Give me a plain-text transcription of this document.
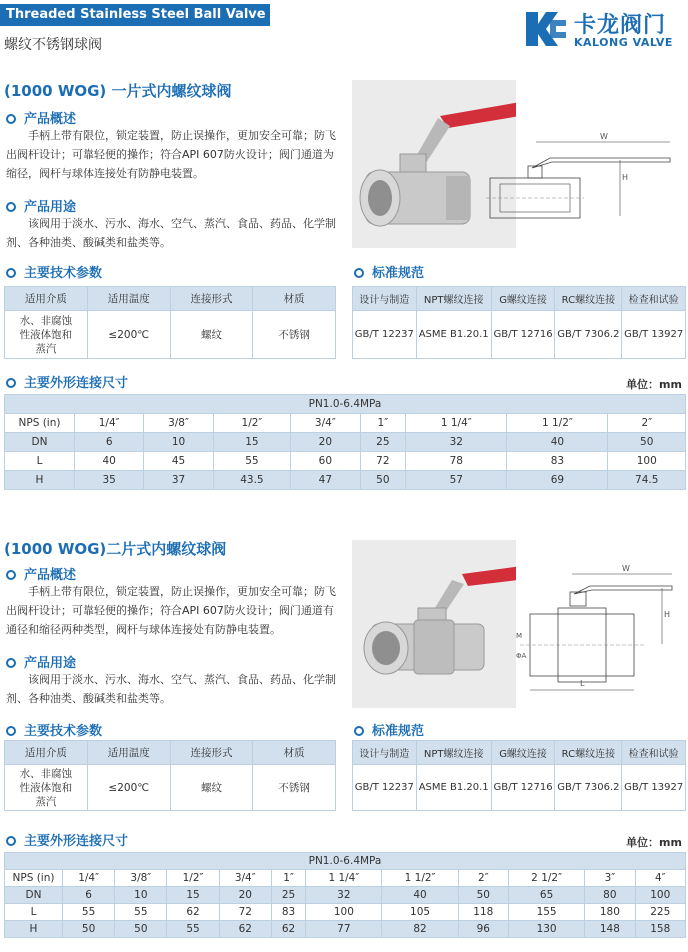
Threaded Stainless Steel Ball Valve
螺纹不锈钢球阀
卡龙阀门
KALONG VALVE
(1000 WOG) 一片式内螺纹球阀
产品概述
手柄上带有限位，锁定装置，防止误操作，更加安全可靠；防飞出阀杆设计；可靠轻便的操作；符合API 607防火设计；阀门通道为缩径，阀杆与球体连接处有防静电装置。
产品用途
该阀用于淡水、污水、海水、空气、蒸汽、食品、药品、化学制剂、各种油类、酸碱类和盐类等。
W
H
主要技术参数
适用介质	适用温度	连接形式	材质
水、非腐蚀性液体饱和蒸汽	≤200℃	螺纹	不锈钢
标准规范
设计与制造	NPT螺纹连接	G螺纹连接	RC螺纹连接	检查和试验
GB/T 12237	ASME B1.20.1	GB/T 12716	GB/T 7306.2	GB/T 13927
主要外形连接尺寸	单位：mm
PN1.0-6.4MPa								
NPS (in)	1/4″	3/8″	1/2″	3/4″	1″	1 1/4″	1 1/2″	2″
DN	6	10	15	20	25	32	40	50
L	40	45	55	60	72	78	83	100
H	35	37	43.5	47	50	57	69	74.5
(1000 WOG)二片式内螺纹球阀
产品概述
手柄上带有限位，锁定装置，防止误操作，更加安全可靠；防飞出阀杆设计；可靠轻便的操作；符合API 607防火设计；阀门通道有通径和缩径两种类型，阀杆与球体连接处有防静电装置。
产品用途
该阀用于淡水、污水、海水、空气、蒸汽、食品、药品、化学制剂、各种油类、酸碱类和盐类等。
W
H
M
ΦA
L
主要技术参数
适用介质	适用温度	连接形式	材质
水、非腐蚀性液体饱和蒸汽	≤200℃	螺纹	不锈钢
标准规范
设计与制造	NPT螺纹连接	G螺纹连接	RC螺纹连接	检查和试验
GB/T 12237	ASME B1.20.1	GB/T 12716	GB/T 7306.2	GB/T 13927
主要外形连接尺寸	单位：mm
PN1.0-6.4MPa											
NPS (in)	1/4″	3/8″	1/2″	3/4″	1″	1 1/4″	1 1/2″	2″	2 1/2″	3″	4″
DN	6	10	15	20	25	32	40	50	65	80	100
L	55	55	62	72	83	100	105	118	155	180	225
H	50	50	55	62	62	77	82	96	130	148	158
